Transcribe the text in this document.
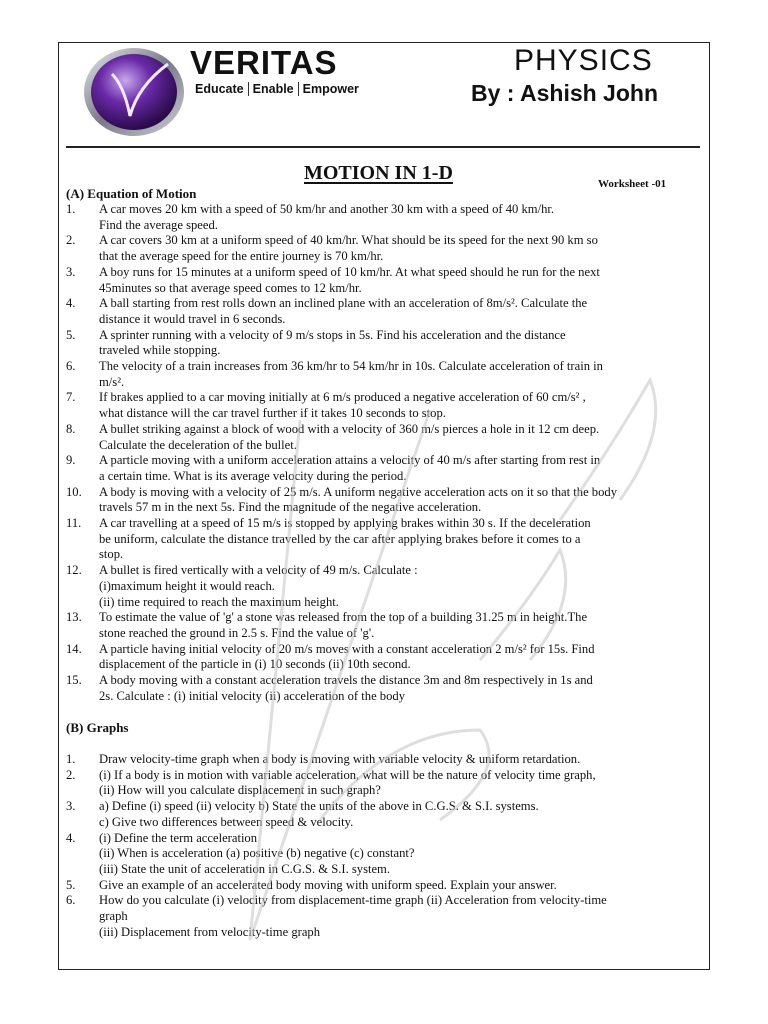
VERITAS
Educate Enable Empower
PHYSICS
By : Ashish John
MOTION IN 1-D	Worksheet -01
(A) Equation of Motion
1.	A car moves 20 km with a speed of 50 km/hr and another 30 km with a speed of 40 km/hr.
Find the average speed.
2.	A car covers 30 km at a uniform speed of 40 km/hr. What should be its speed for the next 90 km so
that the average speed for the entire journey is 70 km/hr.
3.	A boy runs for 15 minutes at a uniform speed of 10 km/hr. At what speed should he run for the next
45minutes so that average speed comes to 12 km/hr.
4.	A ball starting from rest rolls down an inclined plane with an acceleration of 8m/s². Calculate the
distance it would travel in 6 seconds.
5.	A sprinter running with a velocity of 9 m/s stops in 5s. Find his acceleration and the distance
traveled while stopping.
6.	The velocity of a train increases from 36 km/hr to 54 km/hr in 10s. Calculate acceleration of train in
m/s².
7.	If brakes applied to a car moving initially at 6 m/s produced a negative acceleration of 60 cm/s² ,
what distance will the car travel further if it takes 10 seconds to stop.
8.	A bullet striking against a block of wood with a velocity of 360 m/s pierces a hole in it 12 cm deep.
Calculate the deceleration of the bullet.
9.	A particle moving with a uniform acceleration attains a velocity of 40 m/s after starting from rest in
a certain time. What is its average velocity during the period.
10.	A body is moving with a velocity of 25 m/s. A uniform negative acceleration acts on it so that the body
travels 57 m in the next 5s. Find the magnitude of the negative acceleration.
11.	A car travelling at a speed of 15 m/s is stopped by applying brakes within 30 s. If the deceleration
be uniform, calculate the distance travelled by the car after applying brakes before it comes to a
stop.
12.	A bullet is fired vertically with a velocity of 49 m/s. Calculate :
(i)maximum height it would reach.
(ii) time required to reach the maximum height.
13.	To estimate the value of 'g' a stone was released from the top of a building 31.25 m in height.The
stone reached the ground in 2.5 s. Find the value of 'g'.
14.	A particle having initial velocity of 20 m/s moves with a constant acceleration 2 m/s² for 15s. Find
displacement of the particle in (i) 10 seconds (ii) 10th second.
15.	A body moving with a constant acceleration travels the distance 3m and 8m respectively in 1s and
2s. Calculate : (i) initial velocity (ii) acceleration of the body
(B) Graphs
1.	Draw velocity-time graph when a body is moving with variable velocity & uniform retardation.
2.	(i) If a body is in motion with variable acceleration, what will be the nature of velocity time graph,
(ii) How will you calculate displacement in such graph?
3.	a) Define (i) speed (ii) velocity b) State the units of the above in C.G.S. & S.I. systems.
c) Give two differences between speed & velocity.
4.	(i) Define the term acceleration
(ii) When is acceleration (a) positive (b) negative (c) constant?
(iii) State the unit of acceleration in C.G.S. & S.I. system.
5.	Give an example of an accelerated body moving with uniform speed. Explain your answer.
6.	How do you calculate (i) velocity from displacement-time graph (ii) Acceleration from velocity-time
graph
(iii) Displacement from velocity-time graph
